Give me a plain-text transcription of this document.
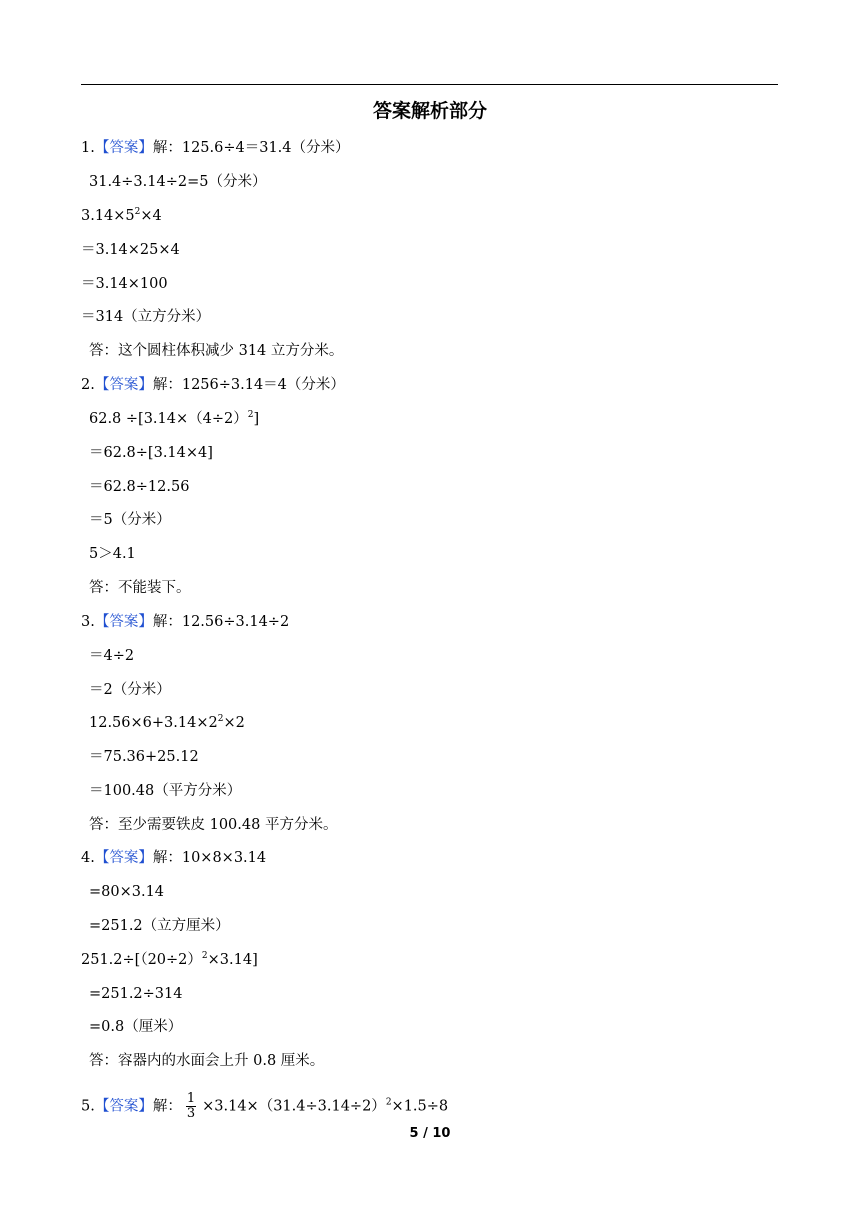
答案解析部分
1.【答案】解：125.6÷4＝31.4（分米）
31.4÷3.14÷2=5（分米）
$3.14\times 5^2\times 4$
＝3.14×25×4
＝3.14×100
＝314（立方分米）
答：这个圆柱体积减少 314 立方分米。
2.【答案】解：1256÷3.14＝4（分米）
$62.8 \div[3.14\times(4\div 2)^2]$
＝62.8÷[3.14×4]
＝62.8÷12.56
＝5（分米）
5＞4.1
答：不能装下。
3.【答案】解：12.56÷3.14÷2
＝4÷2
＝2（分米）
$12.56\times 6+3.14\times 2^2\times 2$
＝75.36+25.12
＝100.48（平方分米）
答：至少需要铁皮 100.48 平方分米。
4.【答案】解：10×8×3.14
=80×3.14
=251.2（立方厘米）
$251.2\div[(20\div 2)^2\times 3.14]$
=251.2÷314
=0.8（厘米）
答：容器内的水面会上升 0.8 厘米。
5.【答案】解： $\frac{1}{3} \times 3.14\times(31.4\div 3.14\div 2)^2\times 1.5\div 8$
5 / 10
